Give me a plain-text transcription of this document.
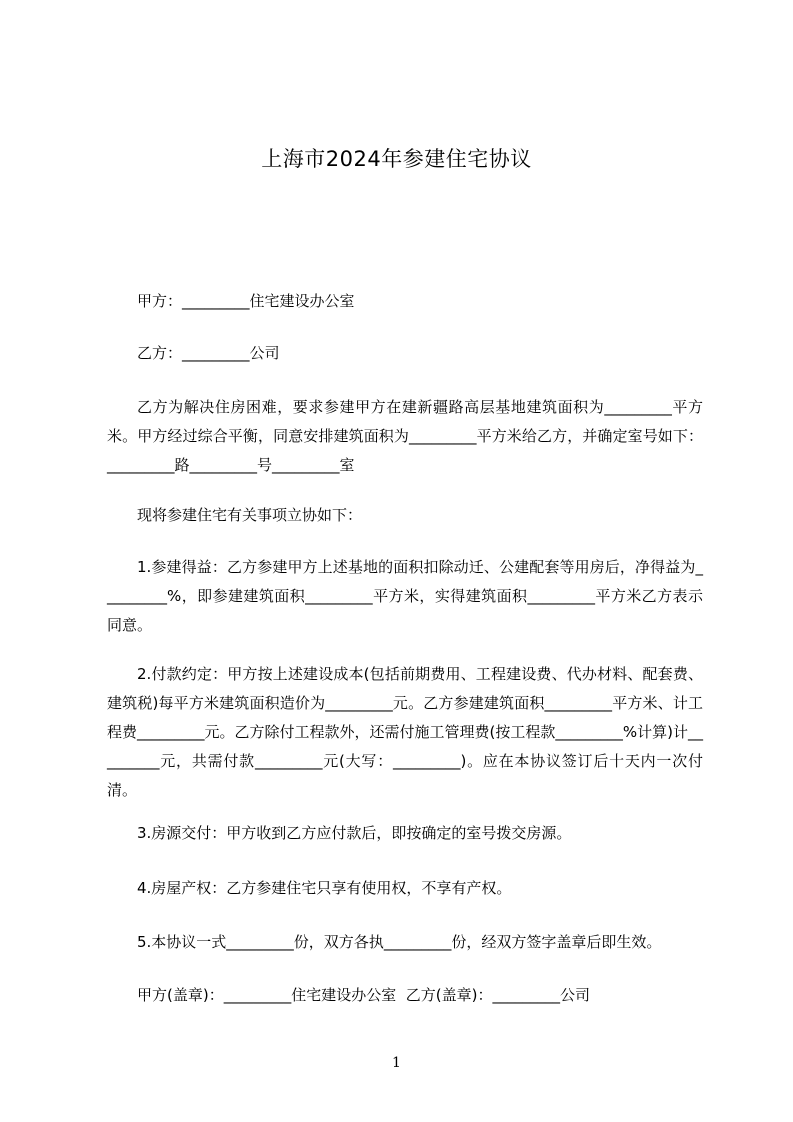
上海市2024年参建住宅协议
甲方：_________住宅建设办公室
乙方：_________公司
乙方为解决住房困难，要求参建甲方在建新疆路高层基地建筑面积为_________平方米。甲方经过综合平衡，同意安排建筑面积为_________平方米给乙方，并确定室号如下：_________路_________号_________室
现将参建住宅有关事项立协如下：
1.参建得益：乙方参建甲方上述基地的面积扣除动迁、公建配套等用房后，净得益为_________%，即参建建筑面积_________平方米，实得建筑面积_________平方米乙方表示同意。
2.付款约定：甲方按上述建设成本(包括前期费用、工程建设费、代办材料、配套费、建筑税)每平方米建筑面积造价为_________元。乙方参建建筑面积_________平方米、计工程费_________元。乙方除付工程款外，还需付施工管理费(按工程款_________%计算)计_________元，共需付款_________元(大写：_________)。应在本协议签订后十天内一次付清。
3.房源交付：甲方收到乙方应付款后，即按确定的室号拨交房源。
4.房屋产权：乙方参建住宅只享有使用权，不享有产权。
5.本协议一式_________份，双方各执_________份，经双方签字盖章后即生效。
甲方(盖章)：_________住宅建设办公室  乙方(盖章)：_________公司
1
